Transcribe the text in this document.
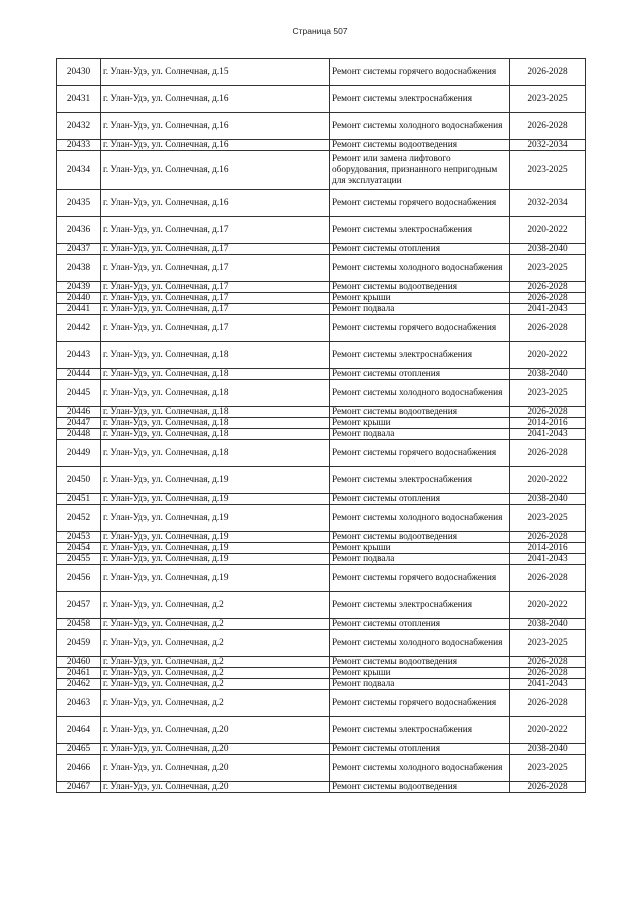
Страница 507
20430	г. Улан-Удэ, ул. Солнечная, д.15	Ремонт системы горячего водоснабжения	2026-2028
20431	г. Улан-Удэ, ул. Солнечная, д.16	Ремонт системы электроснабжения	2023-2025
20432	г. Улан-Удэ, ул. Солнечная, д.16	Ремонт системы холодного водоснабжения	2026-2028
20433	г. Улан-Удэ, ул. Солнечная, д.16	Ремонт системы водоотведения	2032-2034
20434	г. Улан-Удэ, ул. Солнечная, д.16	Ремонт или замена лифтового оборудования, признанного непригодным для эксплуатации	2023-2025
20435	г. Улан-Удэ, ул. Солнечная, д.16	Ремонт системы горячего водоснабжения	2032-2034
20436	г. Улан-Удэ, ул. Солнечная, д.17	Ремонт системы электроснабжения	2020-2022
20437	г. Улан-Удэ, ул. Солнечная, д.17	Ремонт системы отопления	2038-2040
20438	г. Улан-Удэ, ул. Солнечная, д.17	Ремонт системы холодного водоснабжения	2023-2025
20439	г. Улан-Удэ, ул. Солнечная, д.17	Ремонт системы водоотведения	2026-2028
20440	г. Улан-Удэ, ул. Солнечная, д.17	Ремонт крыши	2026-2028
20441	г. Улан-Удэ, ул. Солнечная, д.17	Ремонт подвала	2041-2043
20442	г. Улан-Удэ, ул. Солнечная, д.17	Ремонт системы горячего водоснабжения	2026-2028
20443	г. Улан-Удэ, ул. Солнечная, д.18	Ремонт системы электроснабжения	2020-2022
20444	г. Улан-Удэ, ул. Солнечная, д.18	Ремонт системы отопления	2038-2040
20445	г. Улан-Удэ, ул. Солнечная, д.18	Ремонт системы холодного водоснабжения	2023-2025
20446	г. Улан-Удэ, ул. Солнечная, д.18	Ремонт системы водоотведения	2026-2028
20447	г. Улан-Удэ, ул. Солнечная, д.18	Ремонт крыши	2014-2016
20448	г. Улан-Удэ, ул. Солнечная, д.18	Ремонт подвала	2041-2043
20449	г. Улан-Удэ, ул. Солнечная, д.18	Ремонт системы горячего водоснабжения	2026-2028
20450	г. Улан-Удэ, ул. Солнечная, д.19	Ремонт системы электроснабжения	2020-2022
20451	г. Улан-Удэ, ул. Солнечная, д.19	Ремонт системы отопления	2038-2040
20452	г. Улан-Удэ, ул. Солнечная, д.19	Ремонт системы холодного водоснабжения	2023-2025
20453	г. Улан-Удэ, ул. Солнечная, д.19	Ремонт системы водоотведения	2026-2028
20454	г. Улан-Удэ, ул. Солнечная, д.19	Ремонт крыши	2014-2016
20455	г. Улан-Удэ, ул. Солнечная, д.19	Ремонт подвала	2041-2043
20456	г. Улан-Удэ, ул. Солнечная, д.19	Ремонт системы горячего водоснабжения	2026-2028
20457	г. Улан-Удэ, ул. Солнечная, д.2	Ремонт системы электроснабжения	2020-2022
20458	г. Улан-Удэ, ул. Солнечная, д.2	Ремонт системы отопления	2038-2040
20459	г. Улан-Удэ, ул. Солнечная, д.2	Ремонт системы холодного водоснабжения	2023-2025
20460	г. Улан-Удэ, ул. Солнечная, д.2	Ремонт системы водоотведения	2026-2028
20461	г. Улан-Удэ, ул. Солнечная, д.2	Ремонт крыши	2026-2028
20462	г. Улан-Удэ, ул. Солнечная, д.2	Ремонт подвала	2041-2043
20463	г. Улан-Удэ, ул. Солнечная, д.2	Ремонт системы горячего водоснабжения	2026-2028
20464	г. Улан-Удэ, ул. Солнечная, д.20	Ремонт системы электроснабжения	2020-2022
20465	г. Улан-Удэ, ул. Солнечная, д.20	Ремонт системы отопления	2038-2040
20466	г. Улан-Удэ, ул. Солнечная, д.20	Ремонт системы холодного водоснабжения	2023-2025
20467	г. Улан-Удэ, ул. Солнечная, д.20	Ремонт системы водоотведения	2026-2028
